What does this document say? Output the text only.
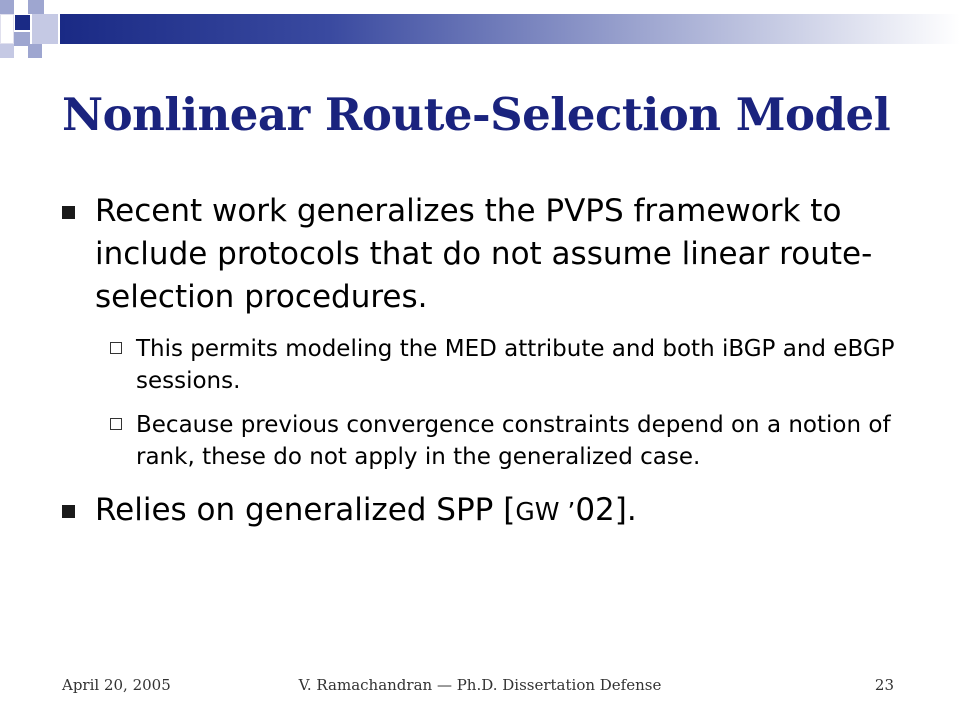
Nonlinear Route-Selection Model
Recent work generalizes the PVPS framework to include protocols that do not assume linear route-selection procedures.
This permits modeling the MED attribute and both iBGP and eBGP sessions.
Because previous convergence constraints depend on a notion of rank, these do not apply in the generalized case.
Relies on generalized SPP [GW ’02].
April 20, 2005	V. Ramachandran — Ph.D. Dissertation Defense	23
